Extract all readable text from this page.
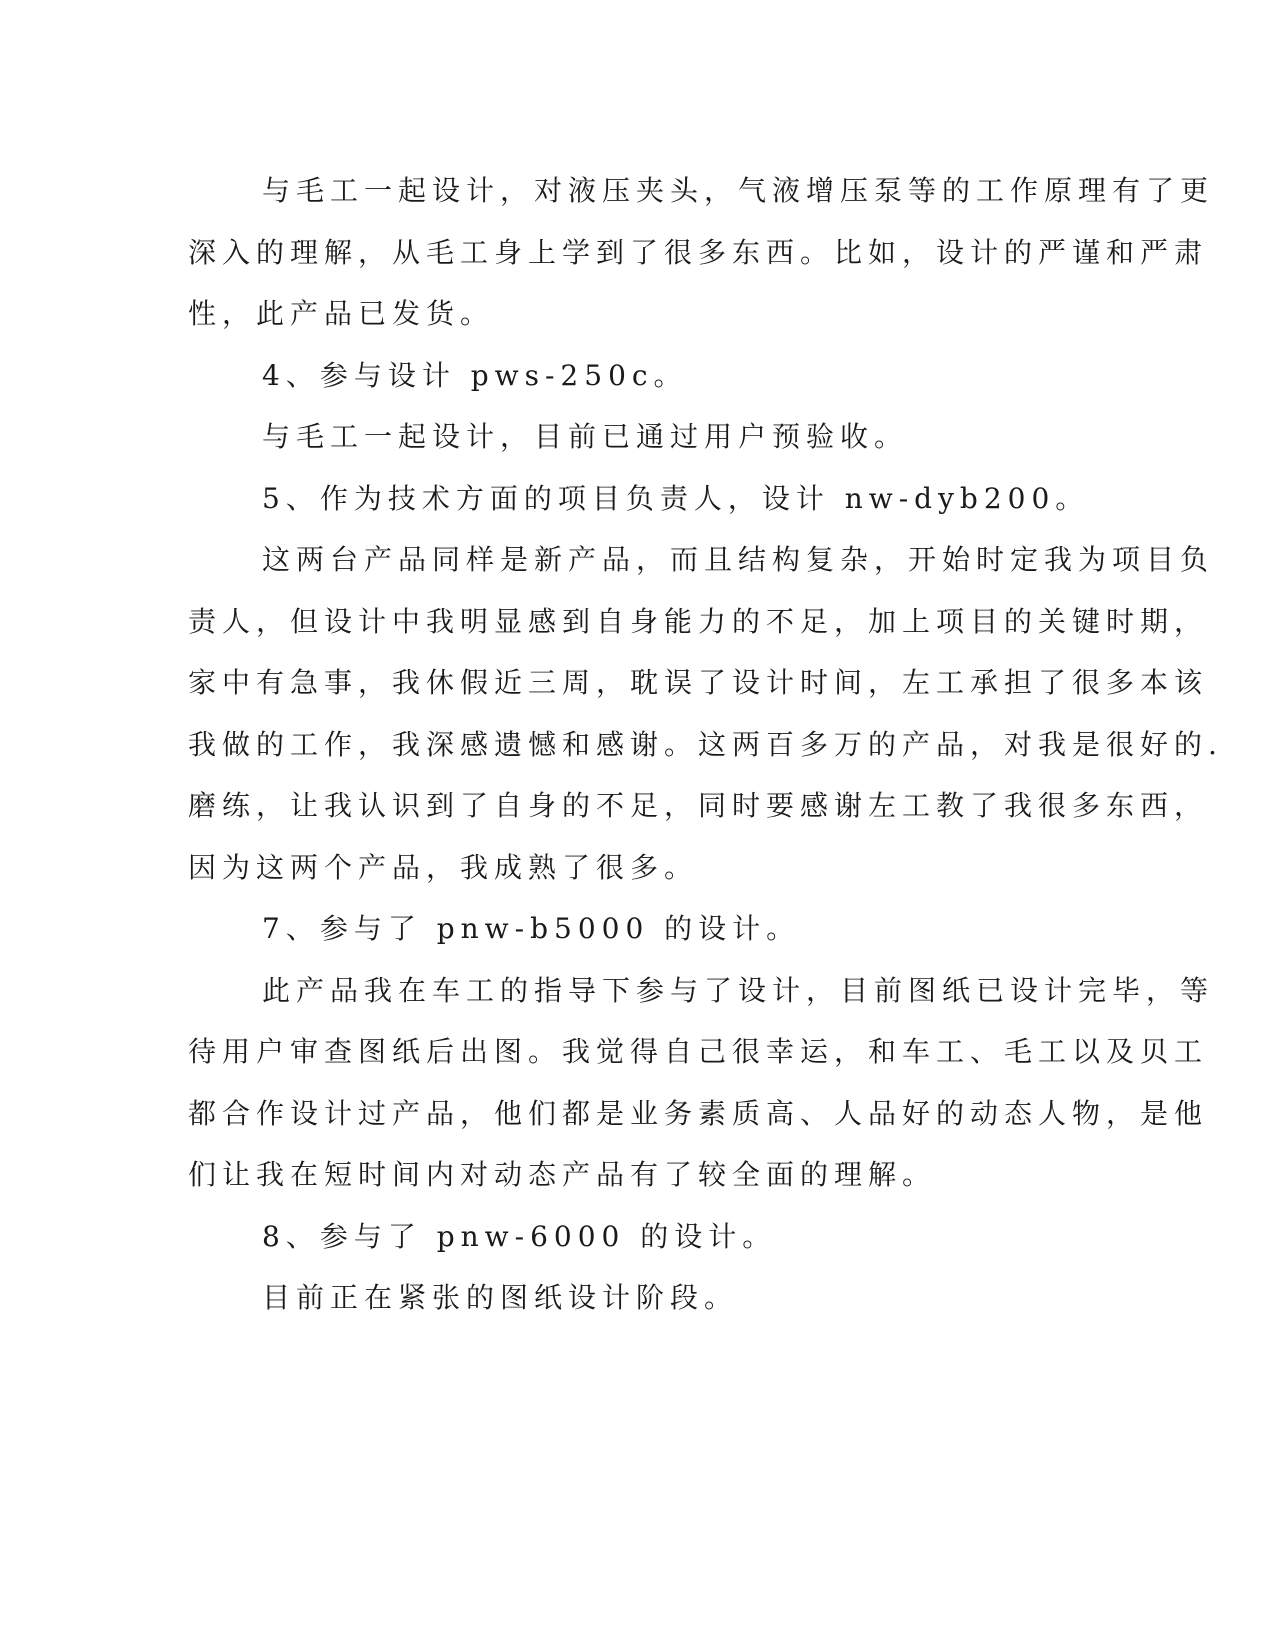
与毛工一起设计，对液压夹头，气液增压泵等的工作原理有了更

深入的理解，从毛工身上学到了很多东西。比如，设计的严谨和严肃

性，此产品已发货。

4、参与设计 pws-250c。

与毛工一起设计，目前已通过用户预验收。

5、作为技术方面的项目负责人，设计 nw-dyb200。

这两台产品同样是新产品，而且结构复杂，开始时定我为项目负

责人，但设计中我明显感到自身能力的不足，加上项目的关键时期，

家中有急事，我休假近三周，耽误了设计时间，左工承担了很多本该

我做的工作，我深感遗憾和感谢。这两百多万的产品，对我是很好的.

磨练，让我认识到了自身的不足，同时要感谢左工教了我很多东西，

因为这两个产品，我成熟了很多。

7、参与了 pnw-b5000 的设计。

此产品我在车工的指导下参与了设计，目前图纸已设计完毕，等

待用户审查图纸后出图。我觉得自己很幸运，和车工、毛工以及贝工

都合作设计过产品，他们都是业务素质高、人品好的动态人物，是他

们让我在短时间内对动态产品有了较全面的理解。

8、参与了 pnw-6000 的设计。

目前正在紧张的图纸设计阶段。
